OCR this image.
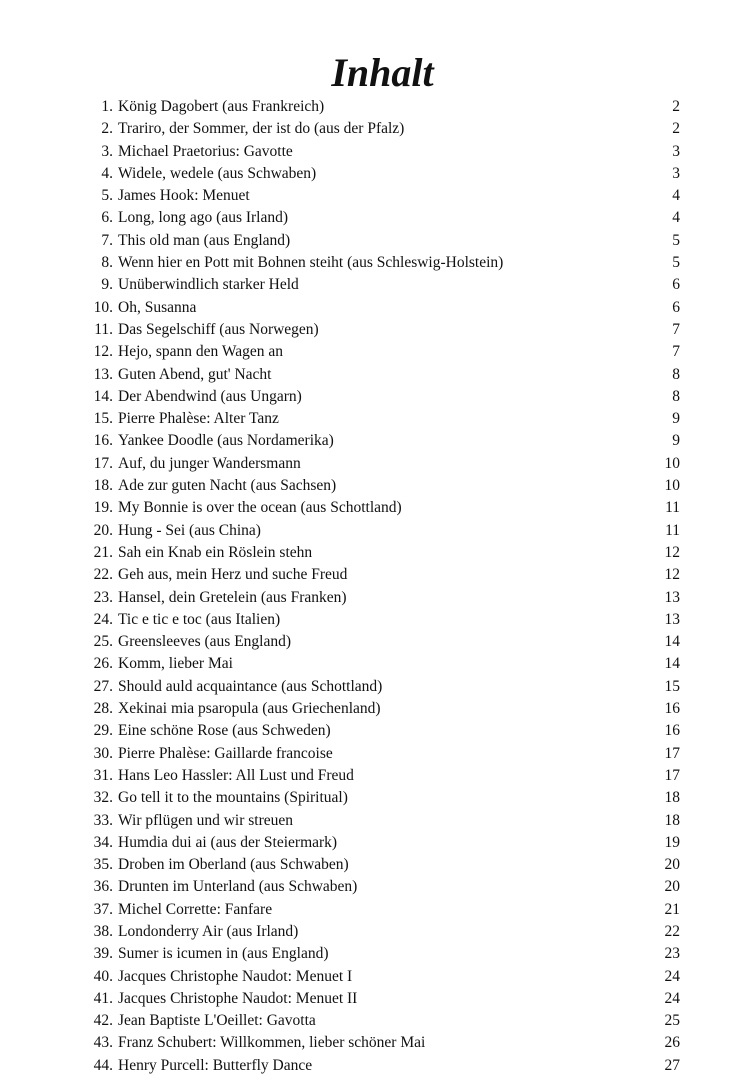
Inhalt
1. König Dagobert (aus Frankreich)	2
2. Trariro, der Sommer, der ist do (aus der Pfalz)	2
3. Michael Praetorius: Gavotte	3
4. Widele, wedele (aus Schwaben)	3
5. James Hook: Menuet	4
6. Long, long ago (aus Irland)	4
7. This old man (aus England)	5
8. Wenn hier en Pott mit Bohnen steiht (aus Schleswig-Holstein)	5
9. Unüberwindlich starker Held	6
10. Oh, Susanna	6
11. Das Segelschiff (aus Norwegen)	7
12. Hejo, spann den Wagen an	7
13. Guten Abend, gut' Nacht	8
14. Der Abendwind (aus Ungarn)	8
15. Pierre Phalèse: Alter Tanz	9
16. Yankee Doodle (aus Nordamerika)	9
17. Auf, du junger Wandersmann	10
18. Ade zur guten Nacht (aus Sachsen)	10
19. My Bonnie is over the ocean (aus Schottland)	11
20. Hung - Sei (aus China)	11
21. Sah ein Knab ein Röslein stehn	12
22. Geh aus, mein Herz und suche Freud	12
23. Hansel, dein Gretelein (aus Franken)	13
24. Tic e tic e toc (aus Italien)	13
25. Greensleeves (aus England)	14
26. Komm, lieber Mai	14
27. Should auld acquaintance (aus Schottland)	15
28. Xekinai mia psaropula (aus Griechenland)	16
29. Eine schöne Rose (aus Schweden)	16
30. Pierre Phalèse: Gaillarde francoise	17
31. Hans Leo Hassler: All Lust und Freud	17
32. Go tell it to the mountains (Spiritual)	18
33. Wir pflügen und wir streuen	18
34. Humdia dui ai (aus der Steiermark)	19
35. Droben im Oberland (aus Schwaben)	20
36. Drunten im Unterland (aus Schwaben)	20
37. Michel Corrette: Fanfare	21
38. Londonderry Air (aus Irland)	22
39. Sumer is icumen in (aus England)	23
40. Jacques Christophe Naudot: Menuet I	24
41. Jacques Christophe Naudot: Menuet II	24
42. Jean Baptiste L'Oeillet: Gavotta	25
43. Franz Schubert: Willkommen, lieber schöner Mai	26
44. Henry Purcell: Butterfly Dance	27
